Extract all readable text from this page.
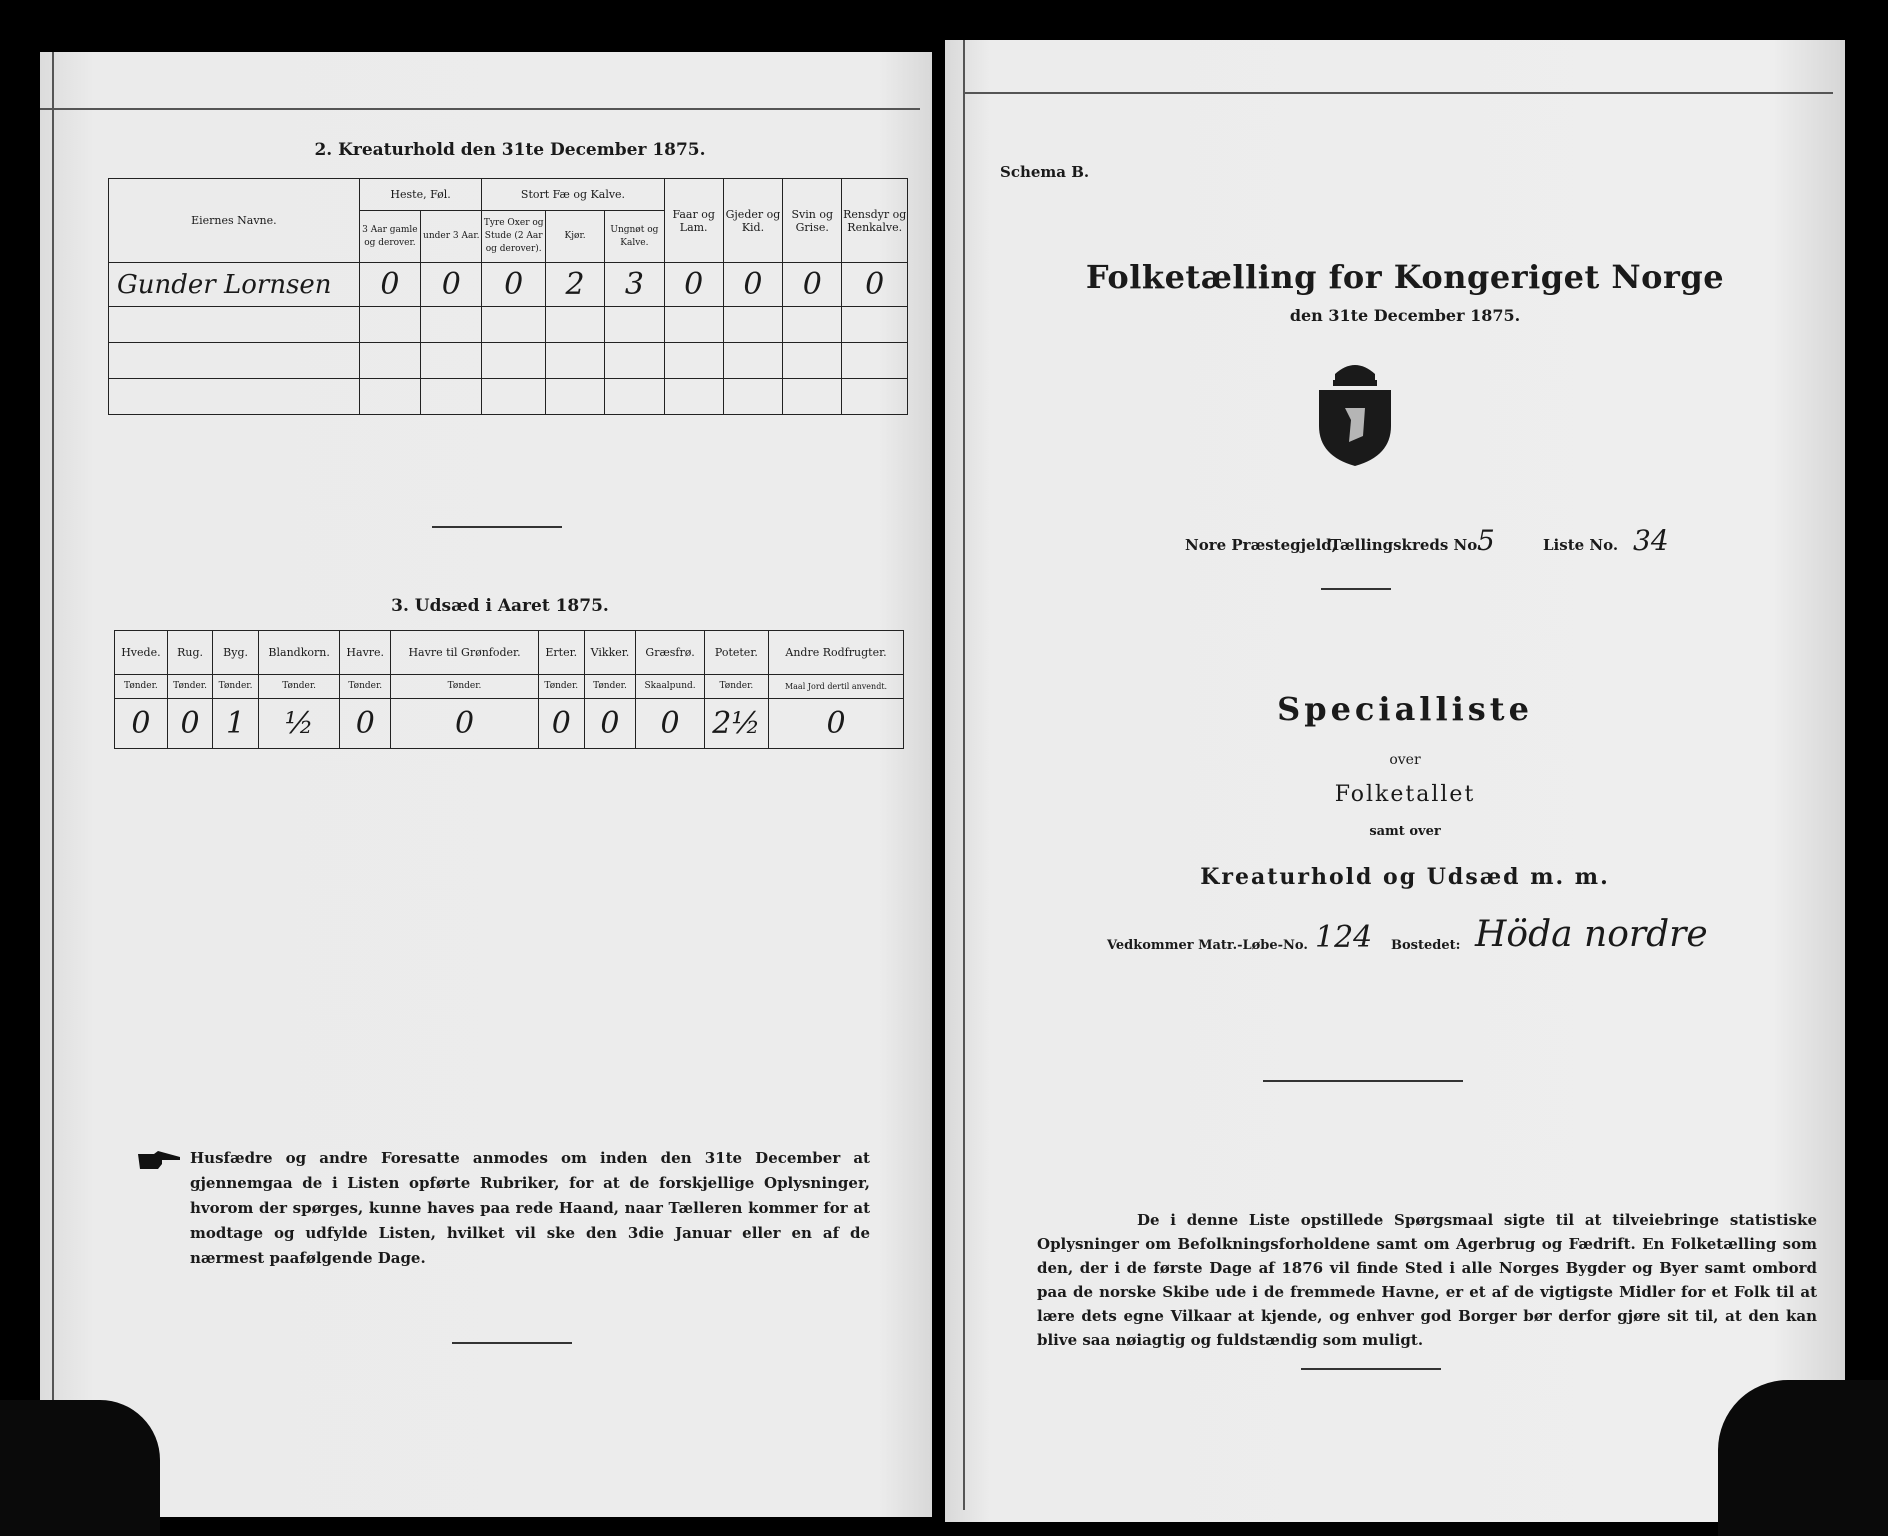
2. Kreaturhold den 31te December 1875.
Eiernes Navne.	Heste, Føl.		Stort Fæ og Kalve.			Faar og Lam.	Gjeder og Kid.	Svin og Grise.	Rensdyr og Renkalve.
	3 Aar gamle og derover.	under 3 Aar.	Tyre Oxer og Stude (2 Aar og derover).	Kjør.	Ungnøt og Kalve.				
Gunder Lornsen	0	0	0	2	3	0	0	0	0

3. Udsæd i Aaret 1875.
Hvede.	Rug.	Byg.	Blandkorn.	Havre.	Havre til Grønfoder.	Erter.	Vikker.	Græsfrø.	Poteter.	Andre Rodfrugter.
Tønder.	Tønder.	Tønder.	Tønder.	Tønder.	Tønder.	Tønder.	Tønder.	Skaalpund.	Tønder.	Maal Jord dertil anvendt.
0	0	1	½	0	0	0	0	0	2½	0
Husfædre og andre Foresatte anmodes om inden den 31te December at gjennemgaa de i Listen opførte Rubriker, for at de forskjellige Oplysninger, hvorom der spørges, kunne haves paa rede Haand, naar Tælleren kommer for at modtage og udfylde Listen, hvilket vil ske den 3die Januar eller en af de nærmest paafølgende Dage.
Schema B.
Folketælling for Kongeriget Norge
den 31te December 1875.
Nore Præstegjeld,
Tællingskreds No.
5	Liste No. 34
Specialliste
over
Folketallet
samt over
Kreaturhold og Udsæd m. m.
Vedkommer Matr.-Løbe-No. 124 Bostedet: Höda nordre
De i denne Liste opstillede Spørgsmaal sigte til at tilveiebringe statistiske Oplysninger om Befolkningsforholdene samt om Agerbrug og Fædrift. En Folketælling som den, der i de første Dage af 1876 vil finde Sted i alle Norges Bygder og Byer samt ombord paa de norske Skibe ude i de fremmede Havne, er et af de vigtigste Midler for et Folk til at lære dets egne Vilkaar at kjende, og enhver god Borger bør derfor gjøre sit til, at den kan blive saa nøiagtig og fuldstændig som muligt.
